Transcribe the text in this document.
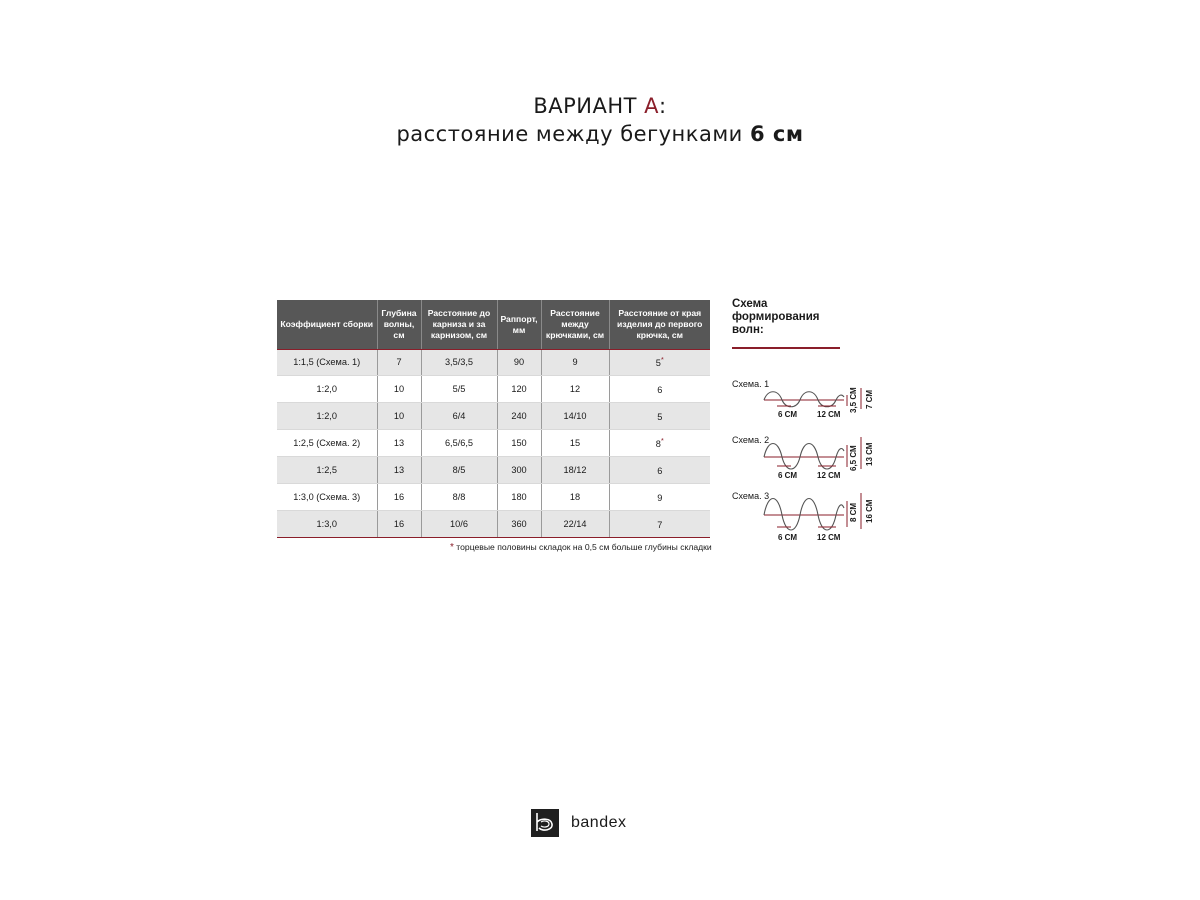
ВАРИАНТ А:
расстояние между бегунками 6 см
Коэффициент сборки	Глубина волны, см	Расстояние до карниза и за карнизом, см	Раппорт, мм	Расстояние между крючками, см	Расстояние от края изделия до первого крючка, см
1:1,5 (Схема. 1)	7	3,5/3,5	90	9	5*
1:2,0	10	5/5	120	12	6
1:2,0	10	6/4	240	14/10	5
1:2,5 (Схема. 2)	13	6,5/6,5	150	15	8*
1:2,5	13	8/5	300	18/12	6
1:3,0 (Схема. 3)	16	8/8	180	18	9
1:3,0	16	10/6	360	22/14	7
* торцевые половины складок на 0,5 см больше глубины складки
Схема формирования волн:
Схема. 1
Схема. 2
Схема. 3
6 СМ 12 СМ
3,5 СМ 7 СМ
6 СМ 12 СМ
6,5 СМ 13 СМ
6 СМ 12 СМ
8 СМ 16 СМ
bandex
